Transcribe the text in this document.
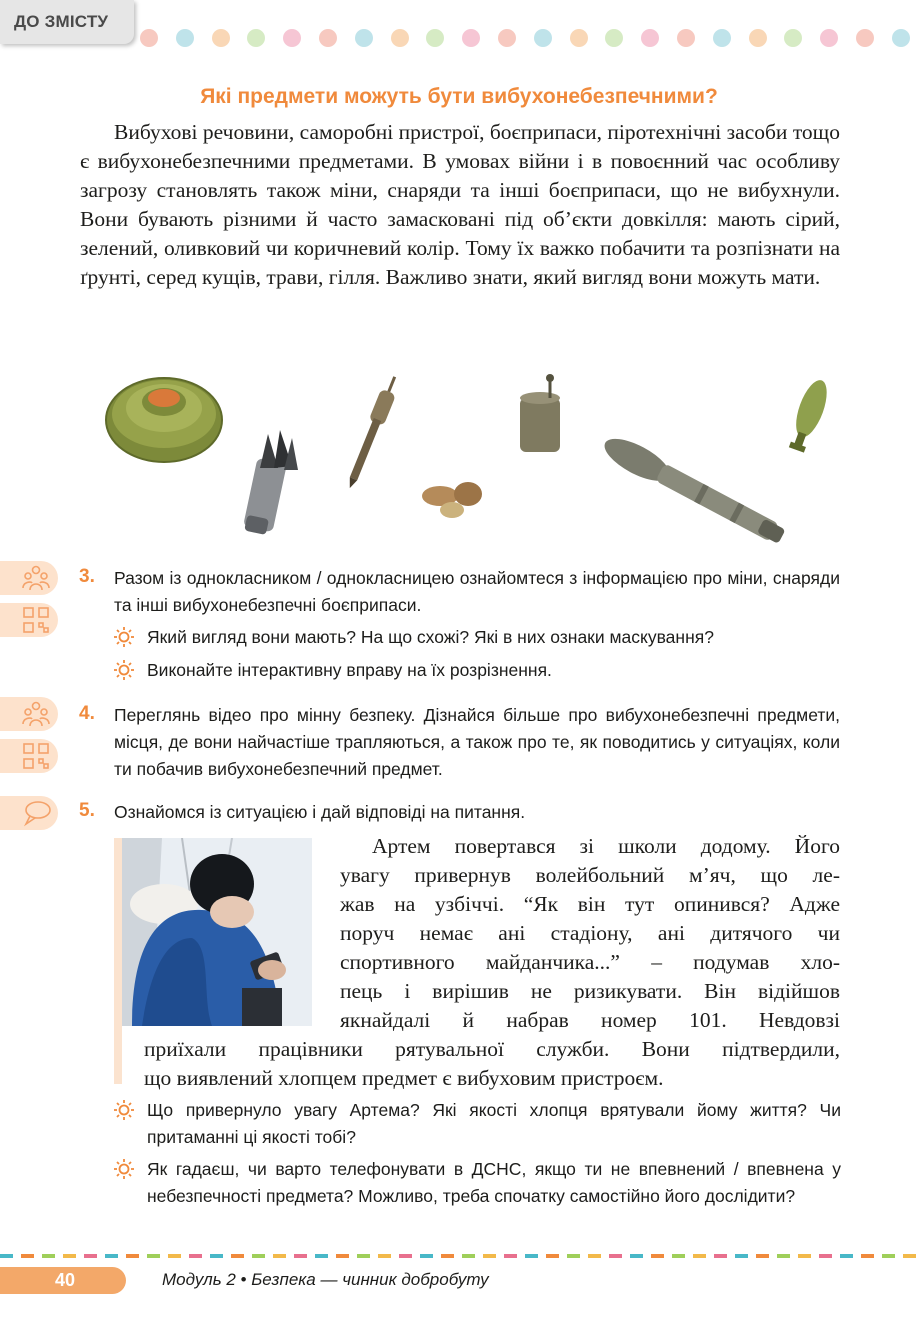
ДО ЗМІСТУ
Які предмети можуть бути вибухонебезпечними?
Вибухові речовини, саморобні пристрої, боєприпаси, піротехнічні засоби тощо є вибухонебезпечними предметами. В умовах війни і в повоєнний час особливу загрозу становлять також міни, снаряди та інші боєприпаси, що не вибухнули. Вони бувають різними й часто замасковані під об’єкти довкілля: мають сірий, зелений, оливковий чи коричневий колір. Тому їх важко побачити та розпізнати на ґрунті, серед кущів, трави, гілля. Важливо знати, який вигляд вони можуть мати.
3. Разом із однокласником / однокласницею ознайомтеся з інформацією про міни, снаряди та інші вибухонебезпечні боєприпаси.
Який вигляд вони мають? На що схожі? Які в них ознаки маскування?
Виконайте інтерактивну вправу на їх розрізнення.
4. Переглянь відео про мінну безпеку. Дізнайся більше про вибухонебезпечні предмети, місця, де вони найчастіше трапляються, а також про те, як поводитись у ситуаціях, коли ти побачив вибухонебезпечний предмет.
5. Ознайомся із ситуацією і дай відповіді на питання.
Артем повертався зі школи додому. Його
увагу привернув волейбольний м’яч, що ле-
жав на узбіччі. “Як він тут опинився? Адже
поруч немає ані стадіону, ані дитячого чи
спортивного майданчика...” – подумав хло-
пець і вирішив не ризикувати. Він відійшов
якнайдалі й набрав номер 101. Невдовзі
приїхали працівники рятувальної служби. Вони підтвердили,
що виявлений хлопцем предмет є вибуховим пристроєм.
Що привернуло увагу Артема? Які якості хлопця врятували йому життя? Чи притаманні ці якості тобі?
Як гадаєш, чи варто телефонувати в ДСНС, якщо ти не впевнений / впевнена у небезпечності предмета? Можливо, треба спочатку самостійно його дослідити?
40	Модуль 2 • Безпека — чинник добробуту
